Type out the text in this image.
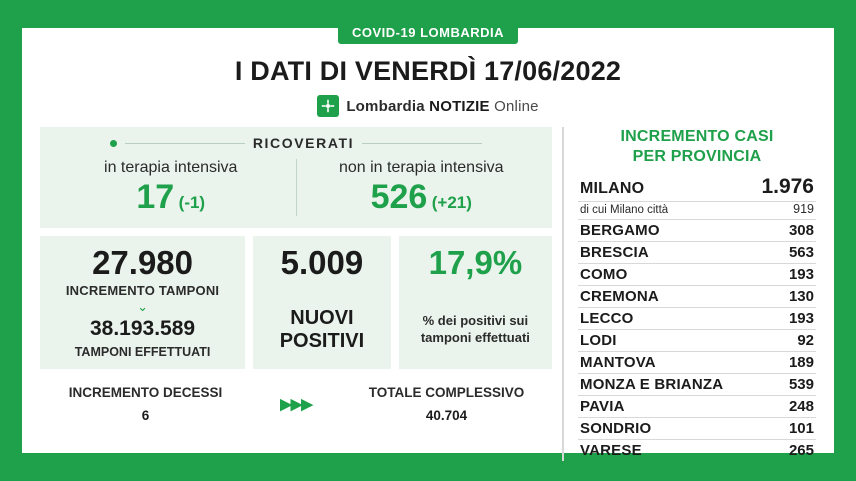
COVID-19 LOMBARDIA
I DATI DI VENERDÌ 17/06/2022
Lombardia NOTIZIE Online
RICOVERATI
in terapia intensiva
17 (-1)
non in terapia intensiva
526 (+21)
27.980
INCREMENTO TAMPONI
⌄
38.193.589
TAMPONI EFFETTUATI
5.009
NUOVI
POSITIVI
17,9%
% dei positivi sui
tamponi effettuati
INCREMENTO DECESSI
6
▶▶▶
TOTALE COMPLESSIVO
40.704
INCREMENTO CASI
PER PROVINCIA
MILANO	1.976
di cui Milano città	919
BERGAMO	308
BRESCIA	563
COMO	193
CREMONA	130
LECCO	193
LODI	92
MANTOVA	189
MONZA E BRIANZA	539
PAVIA	248
SONDRIO	101
VARESE	265
